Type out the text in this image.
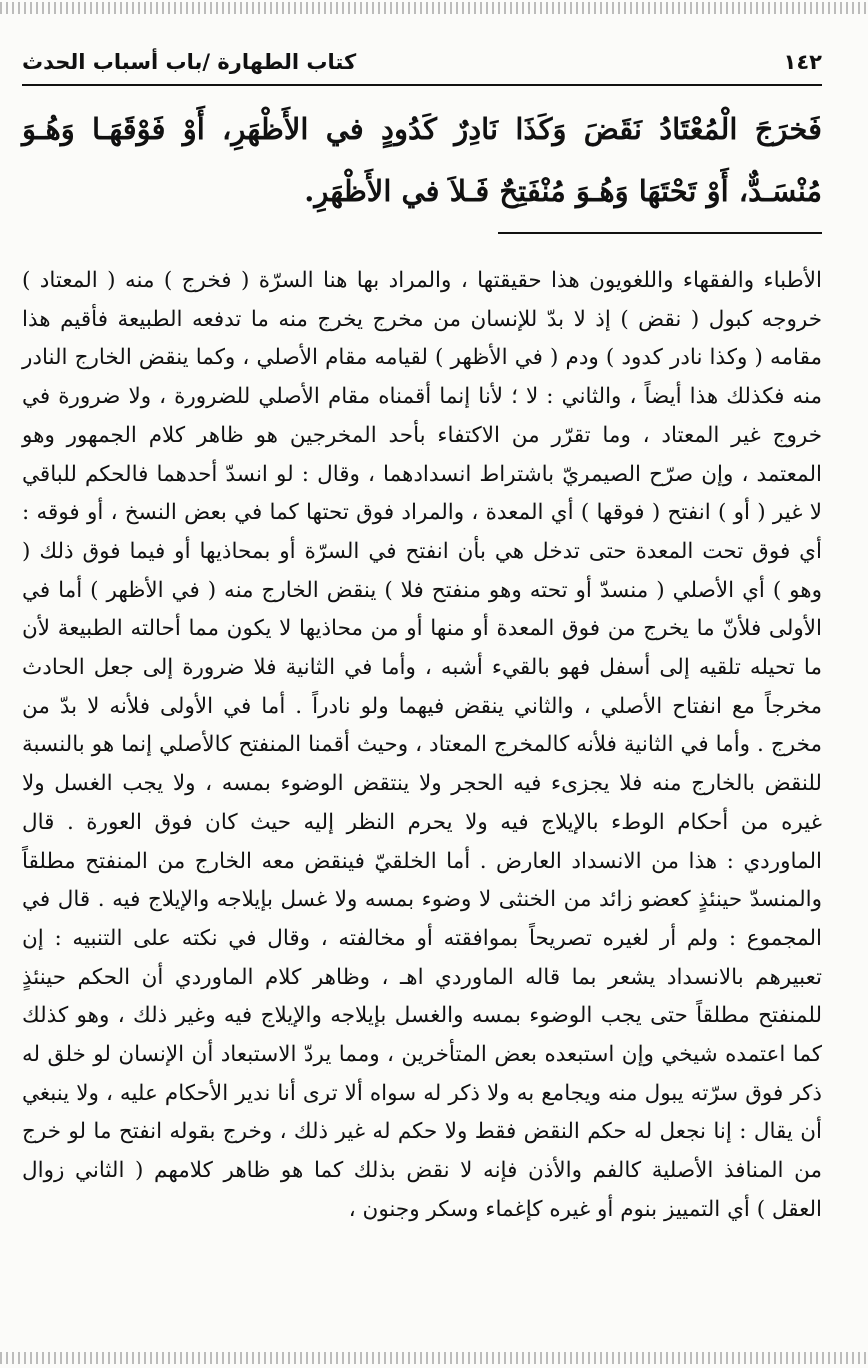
١٤٢
كتاب الطهارة /باب أسباب الحدث

فَخرَجَ الْمُعْتَادُ نَقَضَ وَكَذَا نَادِرٌ كَدُودٍ في الأَظْهَرِ، أَوْ فَوْقَهَـا وَهُـوَ مُنْسَـدٌّ، أَوْ تَحْتَهَا وَهُـوَ مُنْفَتِحٌ فَـلاَ في الأَظْهَرِ.

الأطباء والفقهاء واللغويون هذا حقيقتها ، والمراد بها هنا السرّة ( فخرج ) منه ( المعتاد ) خروجه كبول ( نقض ) إذ لا بدّ للإنسان من مخرج يخرج منه ما تدفعه الطبيعة فأقيم هذا مقامه ( وكذا نادر كدود ) ودم ( في الأظهر ) لقيامه مقام الأصلي ، وكما ينقض الخارج النادر منه فكذلك هذا أيضاً ، والثاني : لا ؛ لأنا إنما أقمناه مقام الأصلي للضرورة ، ولا ضرورة في خروج غير المعتاد ، وما تقرّر من الاكتفاء بأحد المخرجين هو ظاهر كلام الجمهور وهو المعتمد ، وإن صرّح الصيمريّ باشتراط انسدادهما ، وقال : لو انسدّ أحدهما فالحكم للباقي لا غير ( أو ) انفتح ( فوقها ) أي المعدة ، والمراد فوق تحتها كما في بعض النسخ ، أو فوقه : أي فوق تحت المعدة حتى تدخل هي بأن انفتح في السرّة أو بمحاذيها أو فيما فوق ذلك ( وهو ) أي الأصلي ( منسدّ أو تحته وهو منفتح فلا ) ينقض الخارج منه ( في الأظهر ) أما في الأولى فلأنّ ما يخرج من فوق المعدة أو منها أو من محاذيها لا يكون مما أحالته الطبيعة لأن ما تحيله تلقيه إلى أسفل فهو بالقيء أشبه ، وأما في الثانية فلا ضرورة إلى جعل الحادث مخرجاً مع انفتاح الأصلي ، والثاني ينقض فيهما ولو نادراً . أما في الأولى فلأنه لا بدّ من مخرج . وأما في الثانية فلأنه كالمخرج المعتاد ، وحيث أقمنا المنفتح كالأصلي إنما هو بالنسبة للنقض بالخارج منه فلا يجزىء فيه الحجر ولا ينتقض الوضوء بمسه ، ولا يجب الغسل ولا غيره من أحكام الوطء بالإيلاج فيه ولا يحرم النظر إليه حيث كان فوق العورة . قال الماوردي : هذا من الانسداد العارض . أما الخلقيّ فينقض معه الخارج من المنفتح مطلقاً والمنسدّ حينئذٍ كعضو زائد من الخنثى لا وضوء بمسه ولا غسل بإيلاجه والإيلاج فيه . قال في المجموع : ولم أر لغيره تصريحاً بموافقته أو مخالفته ، وقال في نكته على التنبيه : إن تعبيرهم بالانسداد يشعر بما قاله الماوردي اهـ ، وظاهر كلام الماوردي أن الحكم حينئذٍ للمنفتح مطلقاً حتى يجب الوضوء بمسه والغسل بإيلاجه والإيلاج فيه وغير ذلك ، وهو كذلك كما اعتمده شيخي وإن استبعده بعض المتأخرين ، ومما يردّ الاستبعاد أن الإنسان لو خلق له ذكر فوق سرّته يبول منه ويجامع به ولا ذكر له سواه ألا ترى أنا ندير الأحكام عليه ، ولا ينبغي أن يقال : إنا نجعل له حكم النقض فقط ولا حكم له غير ذلك ، وخرج بقوله انفتح ما لو خرج من المنافذ الأصلية كالفم والأذن فإنه لا نقض بذلك كما هو ظاهر كلامهم ( الثاني زوال العقل ) أي التمييز بنوم أو غيره كإغماء وسكر وجنون ،
